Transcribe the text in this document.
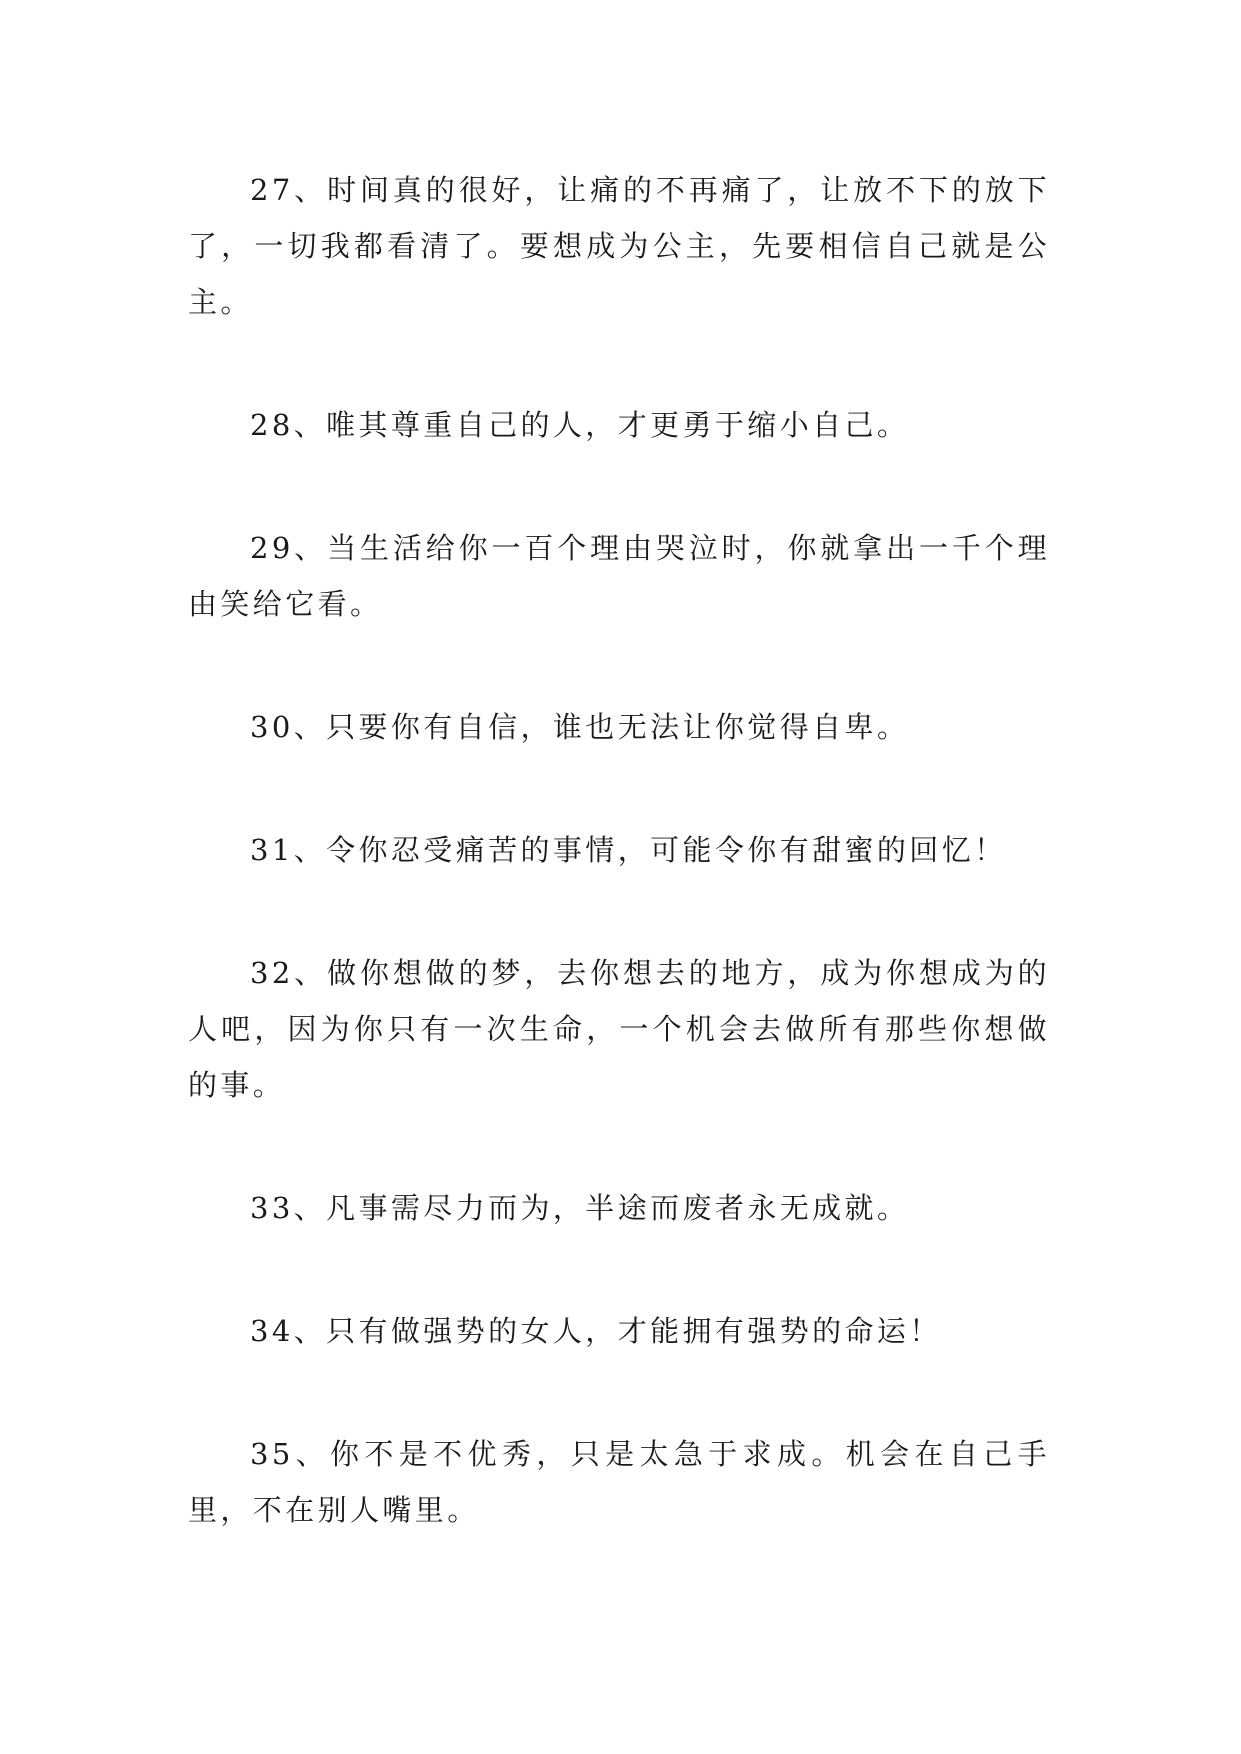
27、时间真的很好，让痛的不再痛了，让放不下的放下了，一切我都看清了。要想成为公主，先要相信自己就是公主。

28、唯其尊重自己的人，才更勇于缩小自己。

29、当生活给你一百个理由哭泣时，你就拿出一千个理由笑给它看。

30、只要你有自信，谁也无法让你觉得自卑。

31、令你忍受痛苦的事情，可能令你有甜蜜的回忆！

32、做你想做的梦，去你想去的地方，成为你想成为的人吧，因为你只有一次生命，一个机会去做所有那些你想做的事。

33、凡事需尽力而为，半途而废者永无成就。

34、只有做强势的女人，才能拥有强势的命运！

35、你不是不优秀，只是太急于求成。机会在自己手里，不在别人嘴里。
